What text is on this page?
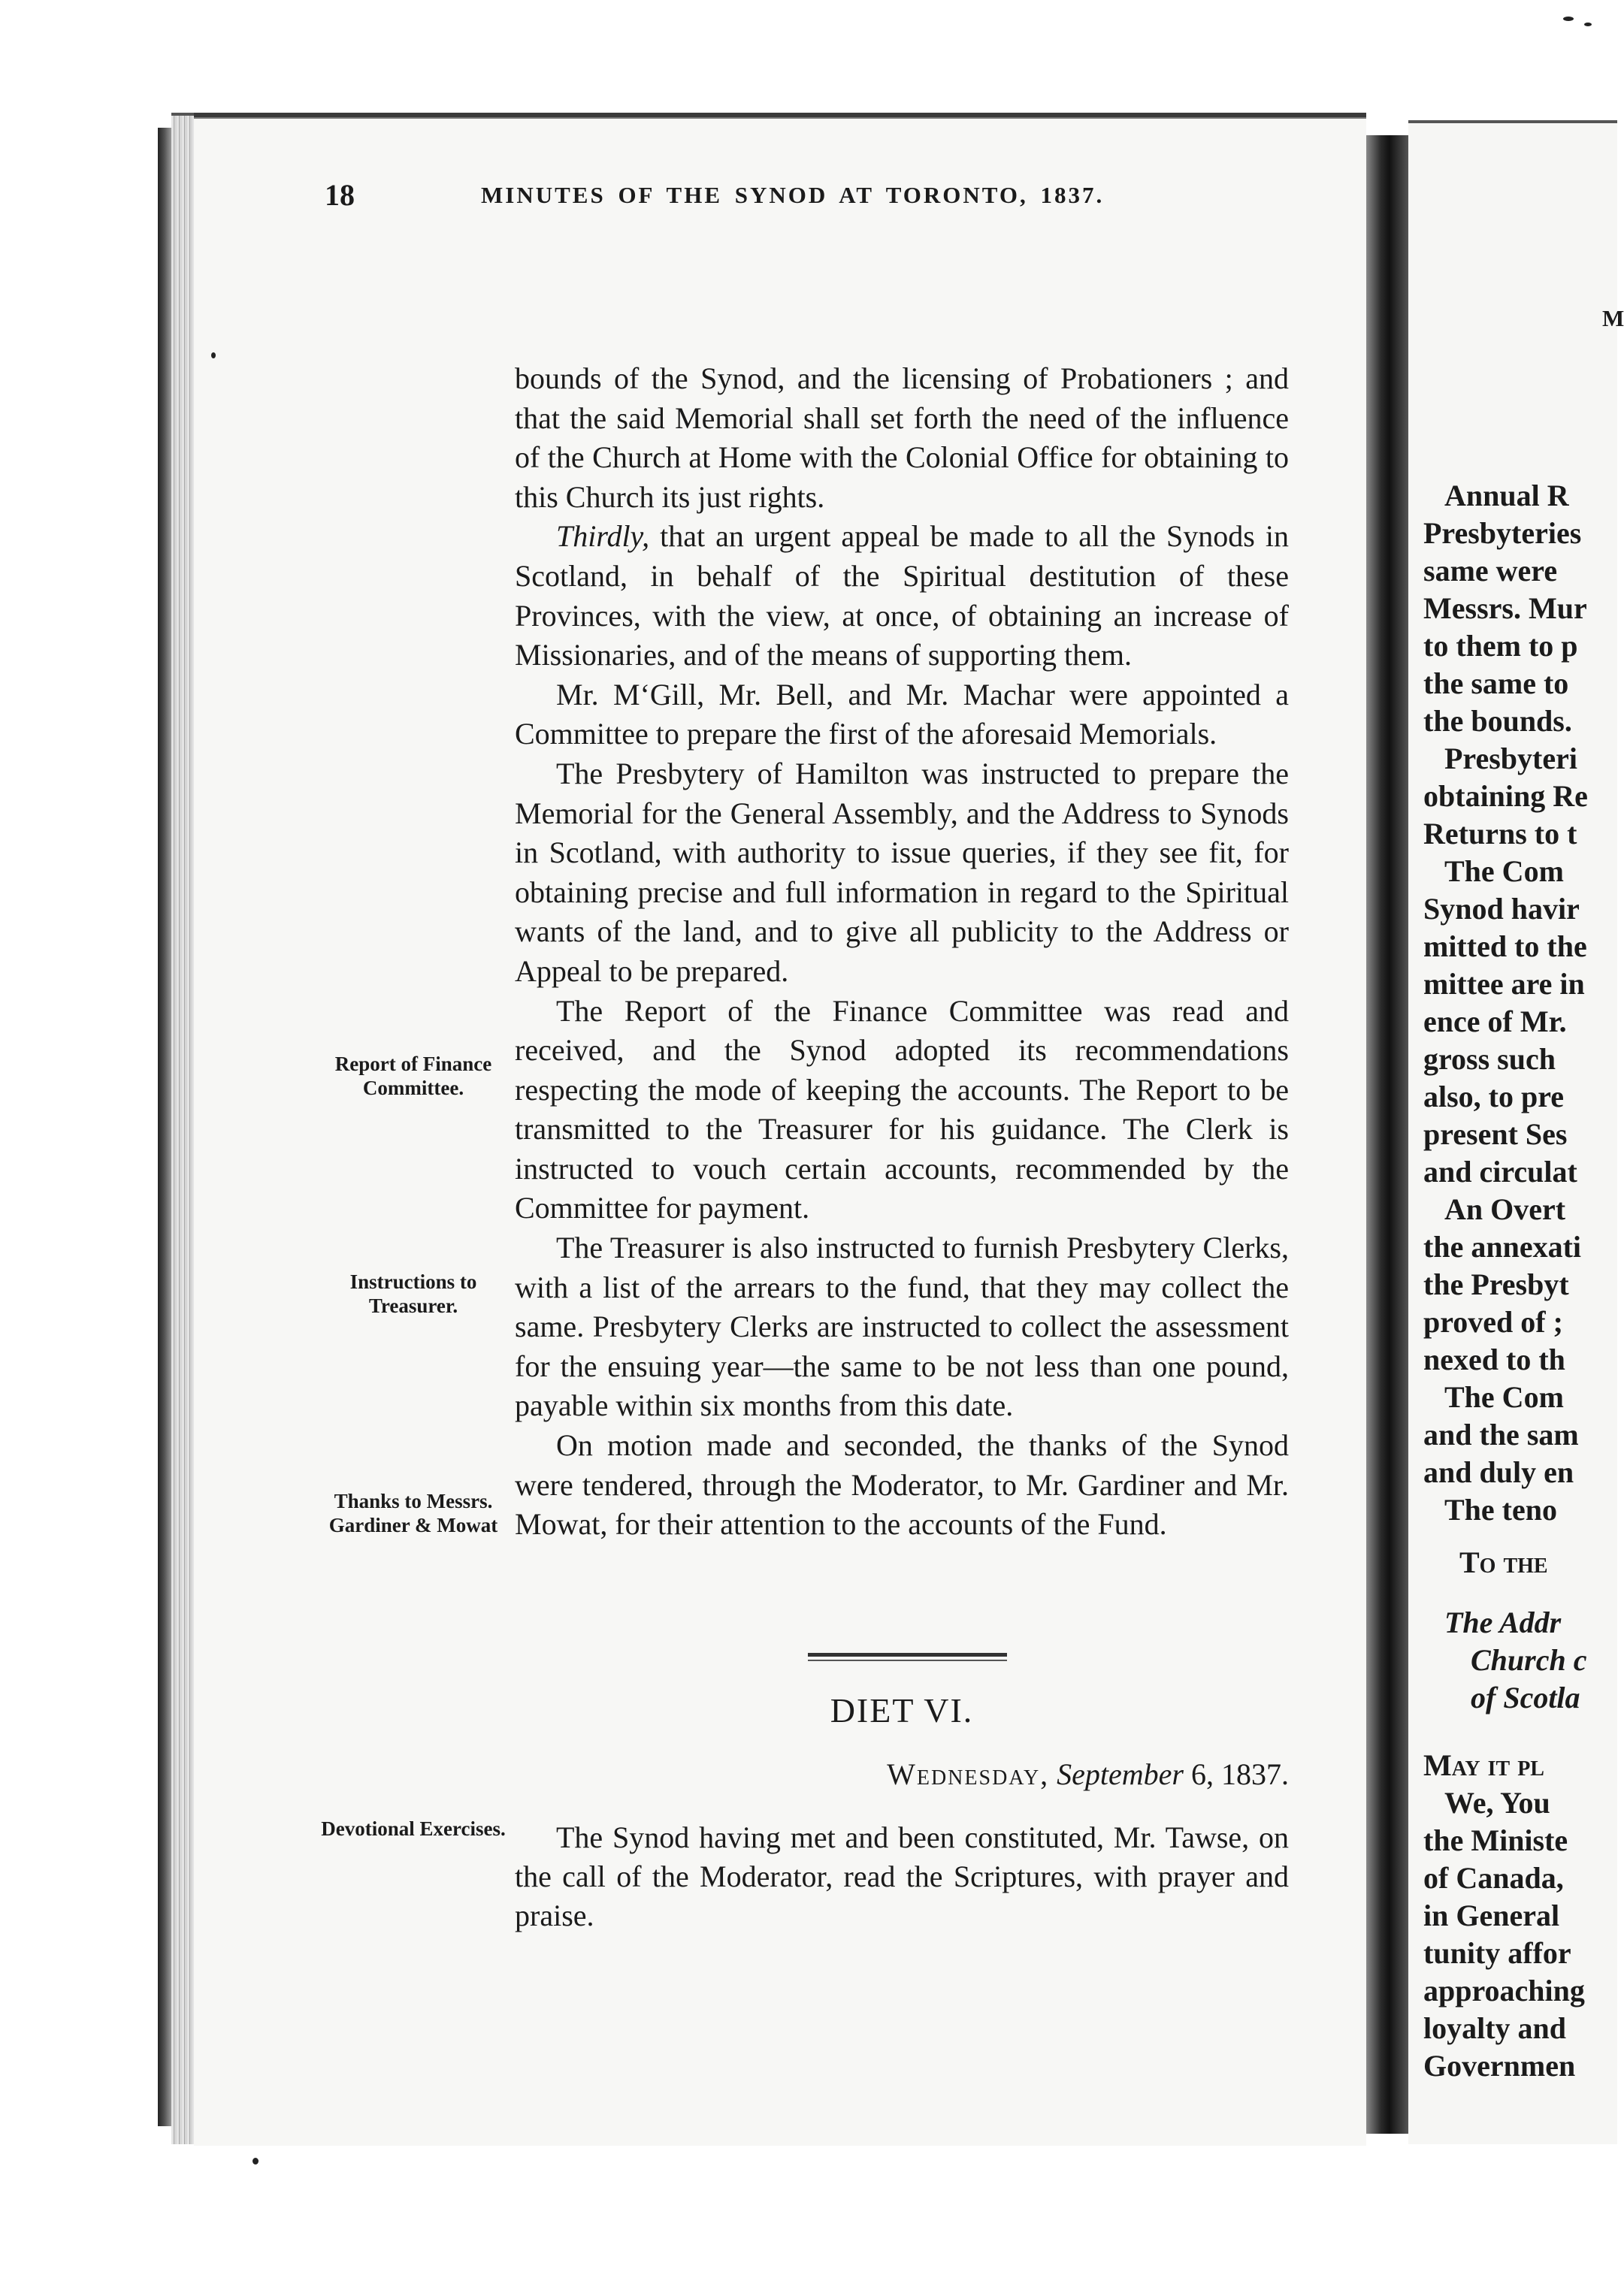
M
Annual R
Presbyteries
same were
Messrs. Mur
to them to p
the same to
the bounds.
Presbyteri
obtaining Re
Returns to t
The Com
Synod havir
mitted to the
mittee are in
ence of Mr.
gross such
also, to pre
present Ses
and circulat
An Overt
the annexati
the Presbyt
proved of ;
nexed to th
The Com
and the sam
and duly en
The teno
To the
The Addr
Church c
of Scotla
May it pl
We, You
the Ministe
of Canada,
in General
tunity affor
approaching
loyalty and
Governmen
18	MINUTES OF THE SYNOD AT TORONTO, 1837.

bounds of the Synod, and the licensing of Probationers ; and that the said Memorial shall set forth the need of the influence of the Church at Home with the Colonial Office for obtaining to this Church its just rights.

Thirdly, that an urgent appeal be made to all the Synods in Scotland, in behalf of the Spiritual destitution of these Provinces, with the view, at once, of obtaining an increase of Missionaries, and of the means of supporting them.

Mr. M‘Gill, Mr. Bell, and Mr. Machar were appointed a Committee to prepare the first of the aforesaid Memorials.

The Presbytery of Hamilton was instructed to prepare the Memorial for the General Assembly, and the Address to Synods in Scotland, with authority to issue queries, if they see fit, for obtaining precise and full information in regard to the Spiritual wants of the land, and to give all publicity to the Address or Appeal to be prepared.

The Report of the Finance Committee was read and received, and the Synod adopted its recommendations respecting the mode of keeping the accounts. The Report to be transmitted to the Treasurer for his guidance. The Clerk is instructed to vouch certain accounts, recommended by the Committee for payment.

The Treasurer is also instructed to furnish Presbytery Clerks, with a list of the arrears to the fund, that they may collect the same. Presbytery Clerks are instructed to collect the assessment for the ensuing year—the same to be not less than one pound, payable within six months from this date.

On motion made and seconded, the thanks of the Synod were tendered, through the Moderator, to Mr. Gardiner and Mr. Mowat, for their attention to the accounts of the Fund.

Report of Finance Committee.
Instructions to Treasurer.
Thanks to Messrs. Gardiner & Mowat
Devotional Exercises.
DIET VI.
Wednesday, September 6, 1837.

The Synod having met and been constituted, Mr. Tawse, on the call of the Moderator, read the Scriptures, with prayer and praise.
